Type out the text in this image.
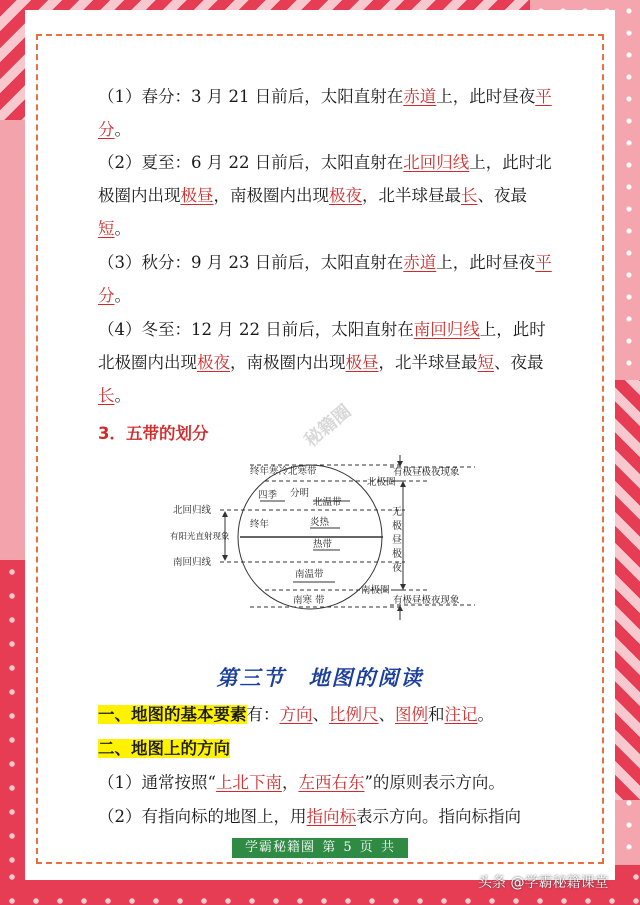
（1）春分：3 月 21 日前后，太阳直射在赤道上，此时昼夜平分。
（2）夏至：6 月 22 日前后，太阳直射在北回归线上，此时北极圈内出现极昼，南极圈内出现极夜，北半球昼最长、夜最短。
（3）秋分：9 月 23 日前后，太阳直射在赤道上，此时昼夜平分。
（4）冬至：12 月 22 日前后，太阳直射在南回归线上，此时北极圈内出现极夜，南极圈内出现极昼，北半球昼最短、夜最长。
秘籍圈
3．五带的划分
终年寒冷北寒带
四季 分明
北温带
终年	炎热
热带
南温带
南寒 带
北回归线
有阳光直射现象
南回归线
北极圈
南极圈
有极昼极夜现象
有极昼极夜现象
无
极
昼
极
夜
第三节　地图的阅读
一、地图的基本要素有：方向、比例尺、图例和注记。
二、地图上的方向
（1）通常按照“上北下南，左西右东”的原则表示方向。
（2）有指向标的地图上，用指向标表示方向。指向标指向
学霸秘籍圈 第 5 页 共 22 页
头条 @学霸秘籍课堂
